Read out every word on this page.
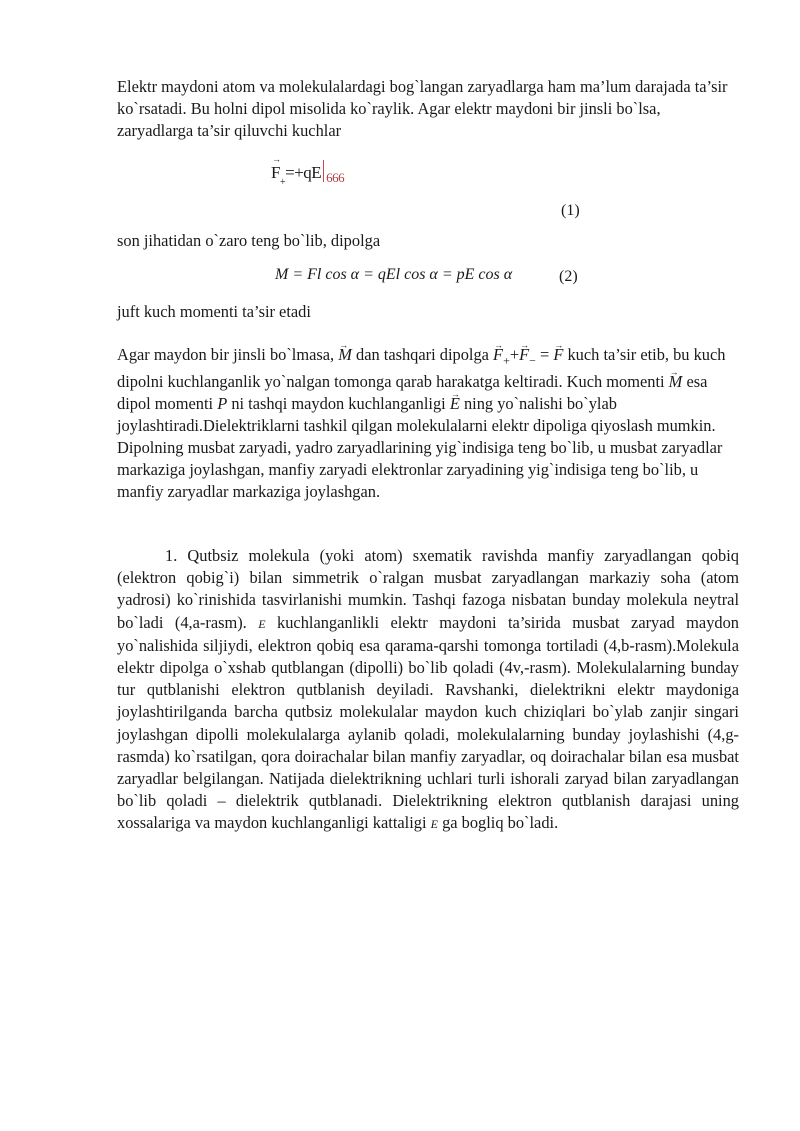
Elektr maydoni atom va molekulalardagi bog`langan zaryadlarga ham ma’lum darajada ta’sir ko`rsatadi. Bu holni dipol misolida ko`raylik. Agar elektr maydoni bir jinsli bo`lsa, zaryadlarga ta’sir qiluvchi kuchlar

→ $F_+=+qE$ $_{666}$
(1)

son jihatidan o`zaro teng bo`lib, dipolga

M = Fl cos α = qEl cos α = pE cos α	(2)

juft kuch momenti ta’sir etadi

Agar maydon bir jinsli bo`lmasa, → M dan tashqari dipolga → $F_++\to F_-$ = → F kuch ta’sir etib, bu kuch dipolni kuchlanganlik yo`nalgan tomonga qarab harakatga keltiradi. Kuch momenti → M esa dipol momenti P ni tashqi maydon kuchlanganligi → E ning yo`nalishi bo`ylab joylashtiradi.Dielektriklarni tashkil qilgan molekulalarni elektr dipoliga qiyoslash mumkin. Dipolning musbat zaryadi, yadro zaryadlarining yig`indisiga teng bo`lib, u musbat zaryadlar markaziga joylashgan, manfiy zaryadi elektronlar zaryadining yig`indisiga teng bo`lib, u manfiy zaryadlar markaziga joylashgan.

1. Qutbsiz molekula (yoki atom) sxematik ravishda manfiy zaryadlangan qobiq (elektron qobig`i) bilan simmetrik o`ralgan musbat zaryadlangan markaziy soha (atom yadrosi) ko`rinishida tasvirlanishi mumkin. Tashqi fazoga nisbatan bunday molekula neytral bo`ladi (4,a-rasm). E kuchlanganlikli elektr maydoni ta’sirida musbat zaryad maydon yo`nalishida siljiydi, elektron qobiq esa qarama-qarshi tomonga tortiladi (4,b-rasm).Molekula elektr dipolga o`xshab qutblangan (dipolli) bo`lib qoladi (4v,-rasm). Molekulalarning bunday tur qutblanishi elektron qutblanish deyiladi. Ravshanki, dielektrikni elektr maydoniga joylashtirilganda barcha qutbsiz molekulalar maydon kuch chiziqlari bo`ylab zanjir singari joylashgan dipolli molekulalarga aylanib qoladi, molekulalarning bunday joylashishi (4,g-rasmda) ko`rsatilgan, qora doirachalar bilan manfiy zaryadlar, oq doirachalar bilan esa musbat zaryadlar belgilangan. Natijada dielektrikning uchlari turli ishorali zaryad bilan zaryadlangan bo`lib qoladi – dielektrik qutblanadi. Dielektrikning elektron qutblanish darajasi uning xossalariga va maydon kuchlanganligi kattaligi E ga bogliq bo`ladi.
